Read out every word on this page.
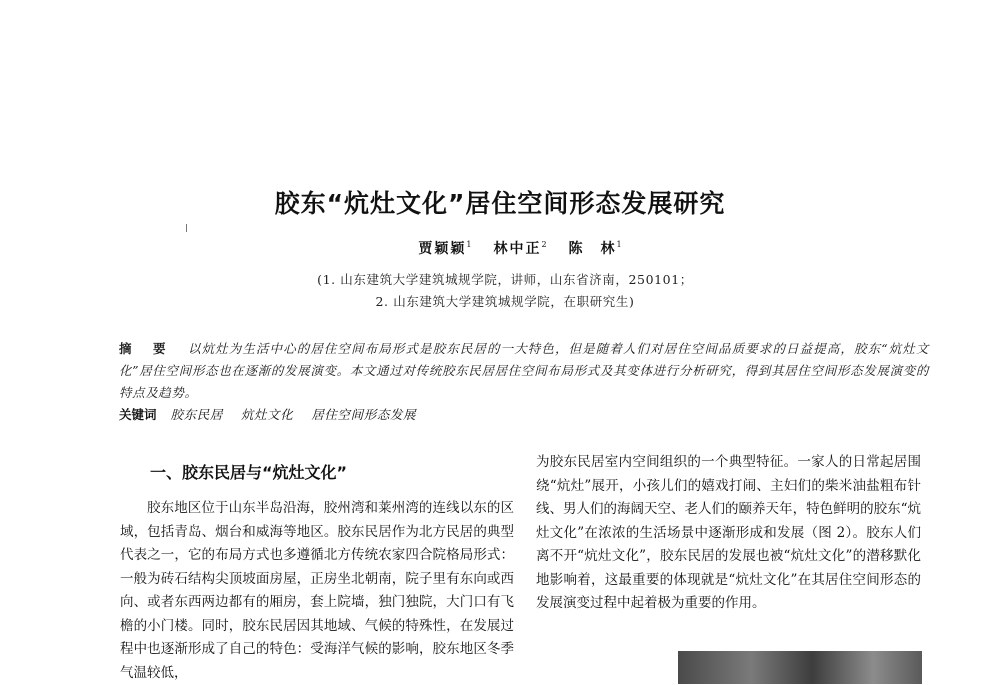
胶东“炕灶文化”居住空间形态发展研究
贾颖颖$^1$ 林中正$^2$ 陈　林$^1$
(1. 山东建筑大学建筑城规学院，讲师，山东省济南，250101；
2. 山东建筑大学建筑城规学院，在职研究生)
摘　要 以炕灶为生活中心的居住空间布局形式是胶东民居的一大特色，但是随着人们对居住空间品质要求的日益提高，胶东“炕灶文化”居住空间形态也在逐渐的发展演变。本文通过对传统胶东民居居住空间布局形式及其变体进行分析研究，得到其居住空间形态发展演变的特点及趋势。
关键词 胶东民居 炕灶文化 居住空间形态发展
一、胶东民居与“炕灶文化”
胶东地区位于山东半岛沿海，胶州湾和莱州湾的连线以东的区域，包括青岛、烟台和威海等地区。胶东民居作为北方民居的典型代表之一，它的布局方式也多遵循北方传统农家四合院格局形式：一般为砖石结构尖顶坡面房屋，正房坐北朝南，院子里有东向或西向、或者东西两边都有的厢房，套上院墙，独门独院，大门口有飞檐的小门楼。同时，胶东民居因其地域、气候的特殊性，在发展过程中也逐渐形成了自己的特色：受海洋气候的影响，胶东地区冬季气温较低，
为胶东民居室内空间组织的一个典型特征。一家人的日常起居围绕“炕灶”展开，小孩儿们的嬉戏打闹、主妇们的柴米油盐粗布针线、男人们的海阔天空、老人们的颐养天年，特色鲜明的胶东“炕灶文化”在浓浓的生活场景中逐渐形成和发展（图 2）。胶东人们离不开“炕灶文化”，胶东民居的发展也被“炕灶文化”的潜移默化地影响着，这最重要的体现就是“炕灶文化”在其居住空间形态的发展演变过程中起着极为重要的作用。
